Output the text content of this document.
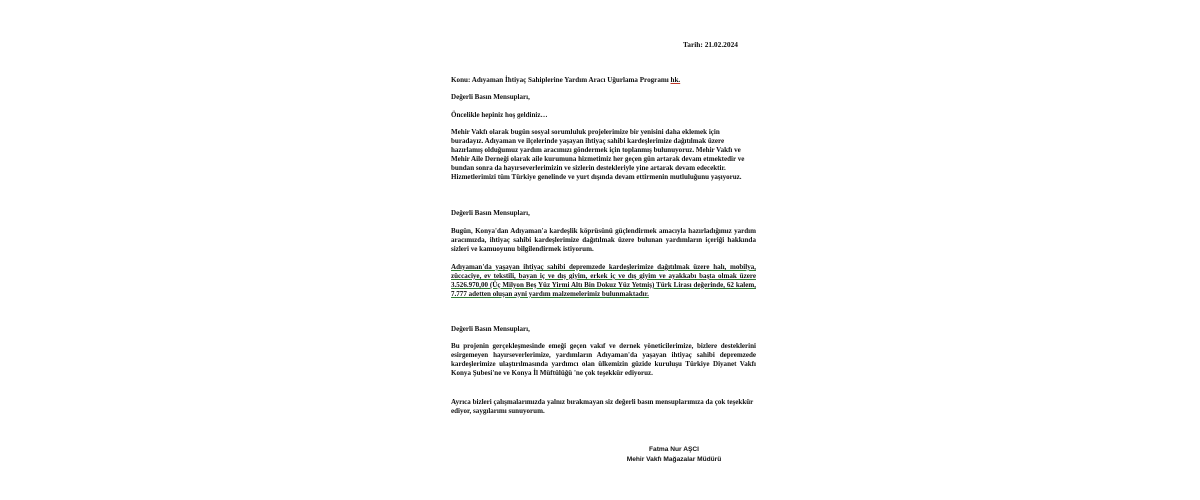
Tarih: 21.02.2024
Konu: Adıyaman İhtiyaç Sahiplerine Yardım Aracı Uğurlama Programı hk.

Değerli Basın Mensupları,

Öncelikle hepiniz hoş geldiniz…

Mehir Vakfı olarak bugün sosyal sorumluluk projelerimize bir yenisini daha eklemek için buradayız. Adıyaman ve ilçelerinde yaşayan ihtiyaç sahibi kardeşlerimize dağıtılmak üzere hazırlamış olduğumuz yardım aracımızı göndermek için toplanmış bulunuyoruz. Mehir Vakfı ve Mehir Aile Derneği olarak aile kurumuna hizmetimiz her geçen gün artarak devam etmektedir ve bundan sonra da hayırseverlerimizin ve sizlerin destekleriyle yine artarak devam edecektir. Hizmetlerimizi tüm Türkiye genelinde ve yurt dışında devam ettirmenin mutluluğunu yaşıyoruz.

Değerli Basın Mensupları,

Bugün, Konya'dan Adıyaman'a kardeşlik köprüsünü güçlendirmek amacıyla hazırladığımız yardım aracımızda, ihtiyaç sahibi kardeşlerimize dağıtılmak üzere bulunan yardımların içeriği hakkında sizleri ve kamuoyunu bilgilendirmek istiyorum.

Adıyaman'da yaşayan ihtiyaç sahibi depremzede kardeşlerimize dağıtılmak üzere halı, mobilya, züccaciye, ev tekstili, bayan iç ve dış giyim, erkek iç ve dış giyim ve ayakkabı başta olmak üzere 3.526.970,00 (Üç Milyon Beş Yüz Yirmi Altı Bin Dokuz Yüz Yetmiş) Türk Lirası değerinde, 62 kalem, 7.777 adetten oluşan ayni yardım malzemelerimiz bulunmaktadır.

Değerli Basın Mensupları,

Bu projenin gerçekleşmesinde emeği geçen vakıf ve dernek yöneticilerimize, bizlere desteklerini esirgemeyen hayırseverlerimize, yardımların Adıyaman'da yaşayan ihtiyaç sahibi depremzede kardeşlerimize ulaştırılmasında yardımcı olan ülkemizin güzide kuruluşu Türkiye Diyanet Vakfı Konya Şubesi'ne ve Konya İl Müftülüğü 'ne çok teşekkür ediyoruz.

Ayrıca bizleri çalışmalarımızda yalnız bırakmayan siz değerli basın mensuplarımıza da çok teşekkür ediyor, saygılarımı sunuyorum.

Fatma Nur AŞCI
Mehir Vakfı Mağazalar Müdürü
